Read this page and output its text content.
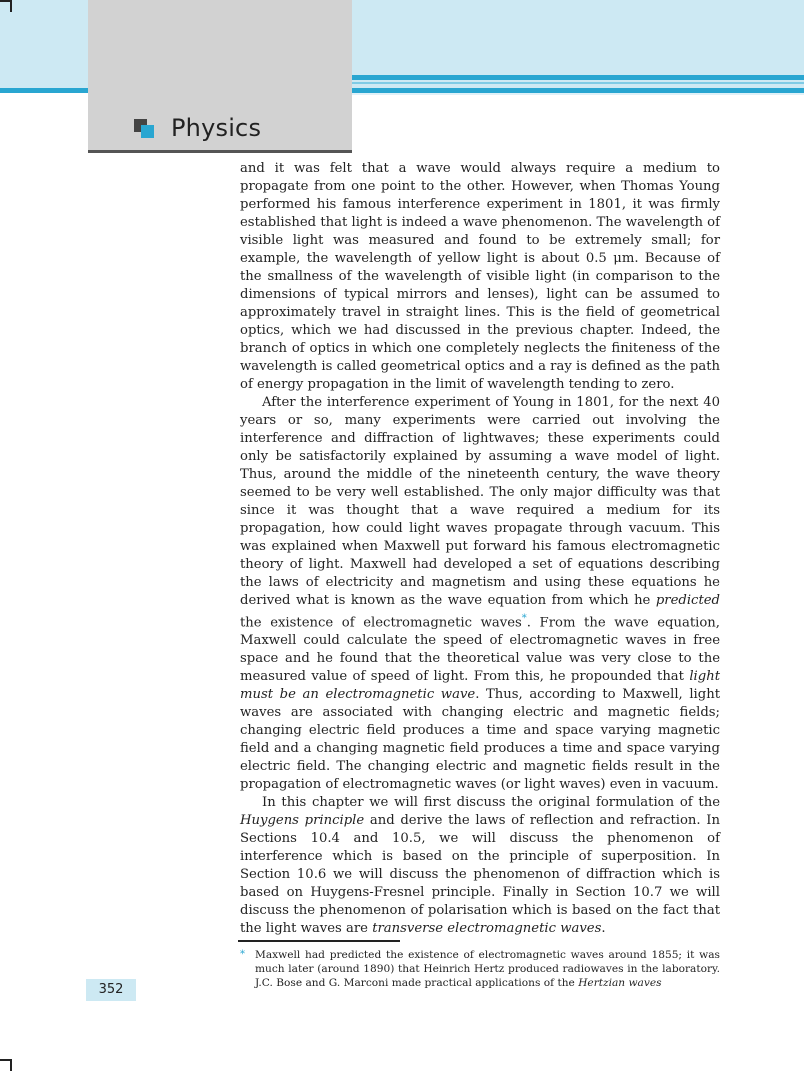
Physics

and it was felt that a wave would always require a medium to propagate from one point to the other. However, when Thomas Young performed his famous interference experiment in 1801, it was firmly established that light is indeed a wave phenomenon. The wavelength of visible light was measured and found to be extremely small; for example, the wavelength of yellow light is about 0.5 μm. Because of the smallness of the wavelength of visible light (in comparison to the dimensions of typical mirrors and lenses), light can be assumed to approximately travel in straight lines. This is the field of geometrical optics, which we had discussed in the previous chapter. Indeed, the branch of optics in which one completely neglects the finiteness of the wavelength is called geometrical optics and a ray is defined as the path of energy propagation in the limit of wavelength tending to zero.

After the interference experiment of Young in 1801, for the next 40 years or so, many experiments were carried out involving the interference and diffraction of lightwaves; these experiments could only be satisfactorily explained by assuming a wave model of light. Thus, around the middle of the nineteenth century, the wave theory seemed to be very well established. The only major difficulty was that since it was thought that a wave required a medium for its propagation, how could light waves propagate through vacuum. This was explained when Maxwell put forward his famous electromagnetic theory of light. Maxwell had developed a set of equations describing the laws of electricity and magnetism and using these equations he derived what is known as the wave equation from which he predicted the existence of electromagnetic waves*. From the wave equation, Maxwell could calculate the speed of electromagnetic waves in free space and he found that the theoretical value was very close to the measured value of speed of light. From this, he propounded that light must be an electromagnetic wave. Thus, according to Maxwell, light waves are associated with changing electric and magnetic fields; changing electric field produces a time and space varying magnetic field and a changing magnetic field produces a time and space varying electric field. The changing electric and magnetic fields result in the propagation of electromagnetic waves (or light waves) even in vacuum.

In this chapter we will first discuss the original formulation of the Huygens principle and derive the laws of reflection and refraction. In Sections 10.4 and 10.5, we will discuss the phenomenon of interference which is based on the principle of superposition. In Section 10.6 we will discuss the phenomenon of diffraction which is based on Huygens-Fresnel principle. Finally in Section 10.7 we will discuss the phenomenon of polarisation which is based on the fact that the light waves are transverse electromagnetic waves.

* Maxwell had predicted the existence of electromagnetic waves around 1855; it was much later (around 1890) that Heinrich Hertz produced radiowaves in the laboratory. J.C. Bose and G. Marconi made practical applications of the Hertzian waves
352
